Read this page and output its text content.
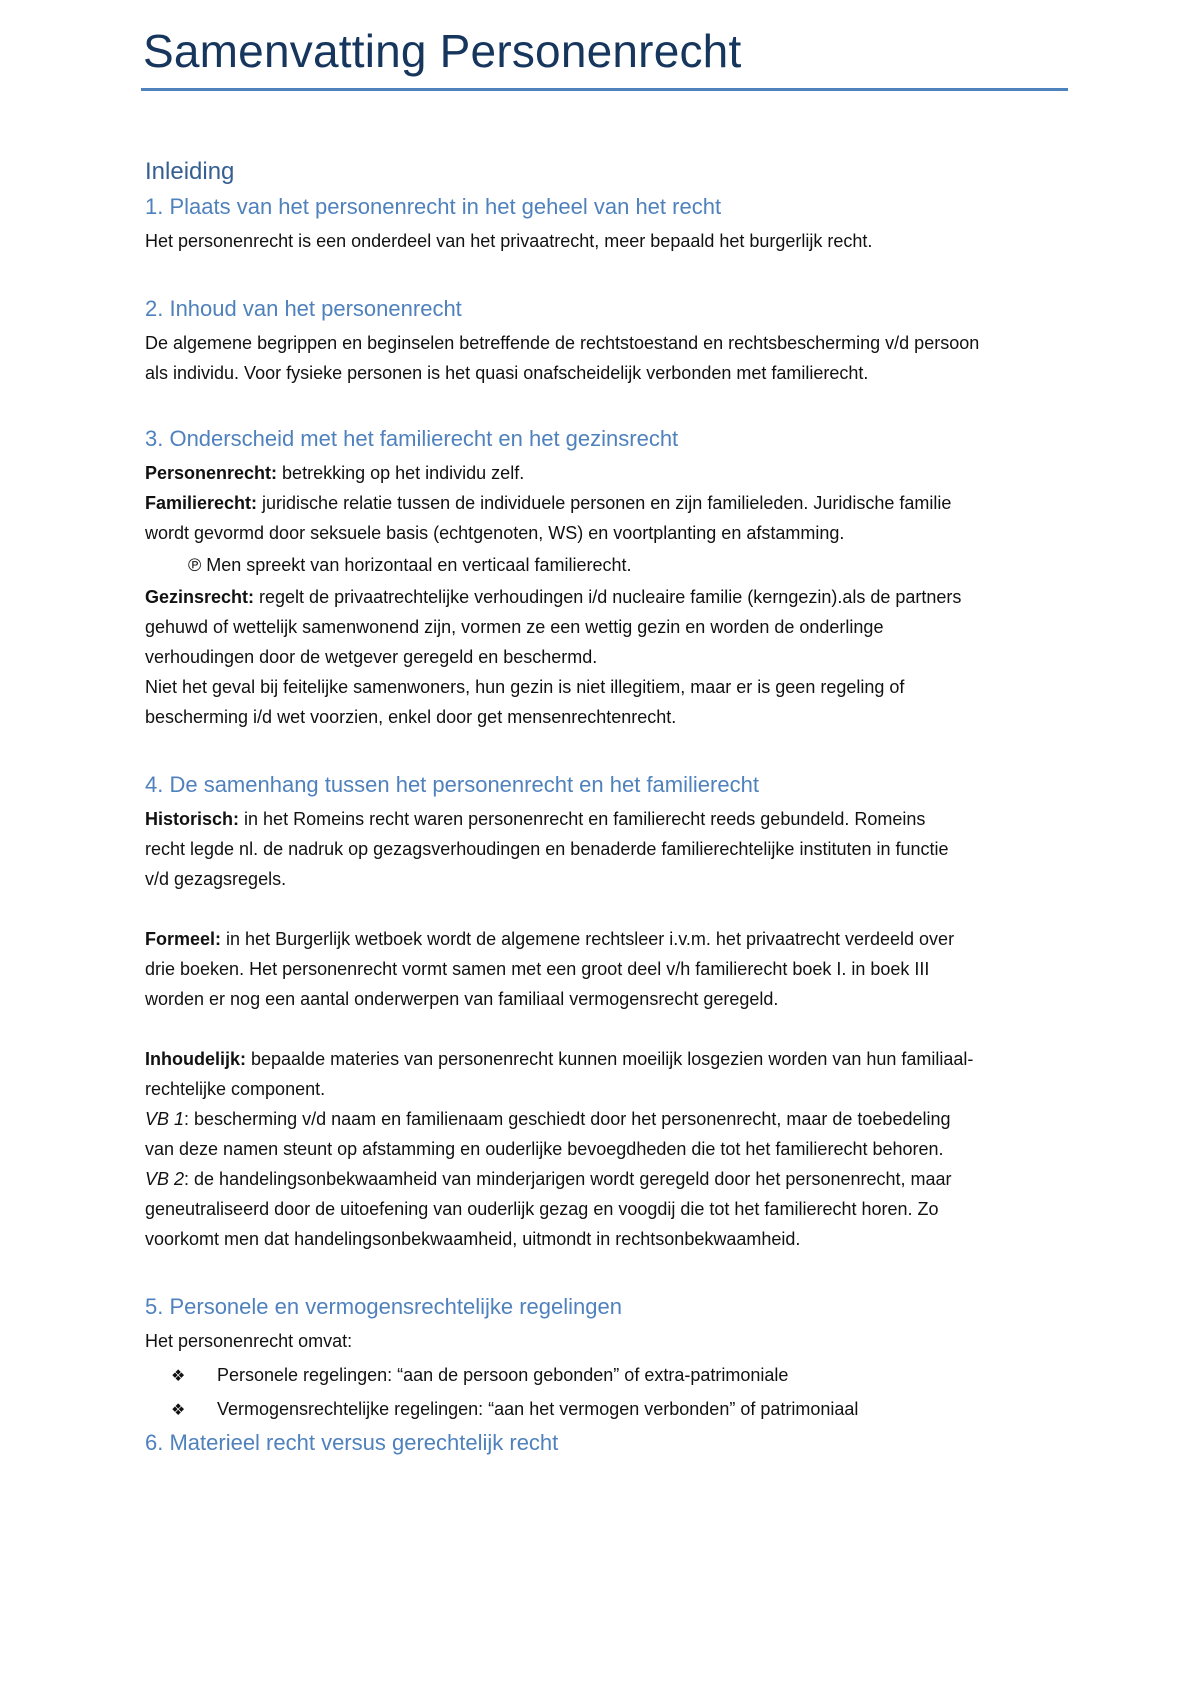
Samenvatting Personenrecht
Inleiding
1. Plaats van het personenrecht in het geheel van het recht
Het personenrecht is een onderdeel van het privaatrecht, meer bepaald het burgerlijk recht.
2. Inhoud van het personenrecht
De algemene begrippen en beginselen betreffende de rechtstoestand en rechtsbescherming v/d persoon
als individu. Voor fysieke personen is het quasi onafscheidelijk verbonden met familierecht.
3. Onderscheid met het familierecht en het gezinsrecht
Personenrecht: betrekking op het individu zelf.
Familierecht: juridische relatie tussen de individuele personen en zijn familieleden. Juridische familie
wordt gevormd door seksuele basis (echtgenoten, WS) en voortplanting en afstamming.
℗ Men spreekt van horizontaal en verticaal familierecht.
Gezinsrecht: regelt de privaatrechtelijke verhoudingen i/d nucleaire familie (kerngezin).als de partners
gehuwd of wettelijk samenwonend zijn, vormen ze een wettig gezin en worden de onderlinge
verhoudingen door de wetgever geregeld en beschermd.
Niet het geval bij feitelijke samenwoners, hun gezin is niet illegitiem, maar er is geen regeling of
bescherming i/d wet voorzien, enkel door get mensenrechtenrecht.
4. De samenhang tussen het personenrecht en het familierecht
Historisch: in het Romeins recht waren personenrecht en familierecht reeds gebundeld. Romeins
recht legde nl. de nadruk op gezagsverhoudingen en benaderde familierechtelijke instituten in functie
v/d gezagsregels.
Formeel: in het Burgerlijk wetboek wordt de algemene rechtsleer i.v.m. het privaatrecht verdeeld over
drie boeken. Het personenrecht vormt samen met een groot deel v/h familierecht boek I. in boek III
worden er nog een aantal onderwerpen van familiaal vermogensrecht geregeld.
Inhoudelijk: bepaalde materies van personenrecht kunnen moeilijk losgezien worden van hun familiaal-
rechtelijke component.
VB 1: bescherming v/d naam en familienaam geschiedt door het personenrecht, maar de toebedeling
van deze namen steunt op afstamming en ouderlijke bevoegdheden die tot het familierecht behoren.
VB 2: de handelingsonbekwaamheid van minderjarigen wordt geregeld door het personenrecht, maar
geneutraliseerd door de uitoefening van ouderlijk gezag en voogdij die tot het familierecht horen. Zo
voorkomt men dat handelingsonbekwaamheid, uitmondt in rechtsonbekwaamheid.
5. Personele en vermogensrechtelijke regelingen
Het personenrecht omvat:
❖ Personele regelingen: “aan de persoon gebonden” of extra-patrimoniale
❖ Vermogensrechtelijke regelingen: “aan het vermogen verbonden” of patrimoniaal
6. Materieel recht versus gerechtelijk recht
